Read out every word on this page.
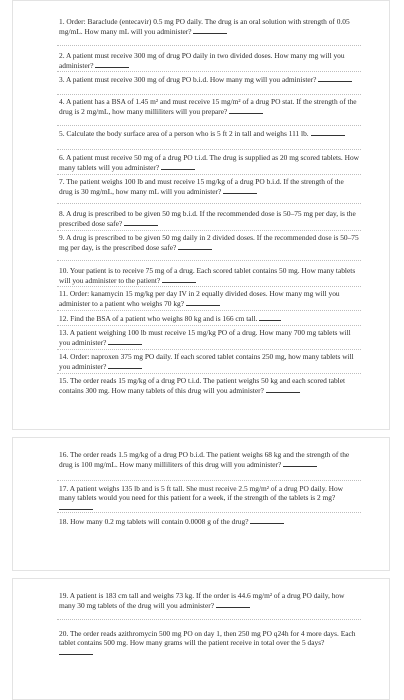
1. Order: Baraclude (entecavir) 0.5 mg PO daily. The drug is an oral solution with strength of 0.05 mg/mL. How many mL will you administer?

2. A patient must receive 300 mg of drug PO daily in two divided doses. How many mg will you administer?

3. A patient must receive 300 mg of drug PO b.i.d. How many mg will you administer?

4. A patient has a BSA of 1.45 m² and must receive 15 mg/m² of a drug PO stat. If the strength of the drug is 2 mg/mL, how many milliliters will you prepare?

5. Calculate the body surface area of a person who is 5 ft 2 in tall and weighs 111 lb.

6. A patient must receive 50 mg of a drug PO t.i.d. The drug is supplied as 20 mg scored tablets. How many tablets will you administer?

7. The patient weighs 100 lb and must receive 15 mg/kg of a drug PO b.i.d. If the strength of the drug is 30 mg/mL, how many mL will you administer?

8. A drug is prescribed to be given 50 mg b.i.d. If the recommended dose is 50–75 mg per day, is the prescribed dose safe?

9. A drug is prescribed to be given 50 mg daily in 2 divided doses. If the recommended dose is 50–75 mg per day, is the prescribed dose safe?

10. Your patient is to receive 75 mg of a drug. Each scored tablet contains 50 mg. How many tablets will you administer to the patient?

11. Order: kanamycin 15 mg/kg per day IV in 2 equally divided doses. How many mg will you administer to a patient who weighs 70 kg?

12. Find the BSA of a patient who weighs 80 kg and is 166 cm tall.

13. A patient weighing 100 lb must receive 15 mg/kg PO of a drug. How many 700 mg tablets will you administer?

14. Order: naproxen 375 mg PO daily. If each scored tablet contains 250 mg, how many tablets will you administer?

15. The order reads 15 mg/kg of a drug PO t.i.d. The patient weighs 50 kg and each scored tablet contains 300 mg. How many tablets of this drug will you administer?

16. The order reads 1.5 mg/kg of a drug PO b.i.d. The patient weighs 68 kg and the strength of the drug is 100 mg/mL. How many milliliters of this drug will you administer?

17. A patient weighs 135 lb and is 5 ft tall. She must receive 2.5 mg/m² of a drug PO daily. How many tablets would you need for this patient for a week, if the strength of the tablets is 2 mg?

18. How many 0.2 mg tablets will contain 0.0008 g of the drug?

19. A patient is 183 cm tall and weighs 73 kg. If the order is 44.6 mg/m² of a drug PO daily, how many 30 mg tablets of the drug will you administer?

20. The order reads azithromycin 500 mg PO on day 1, then 250 mg PO q24h for 4 more days. Each tablet contains 500 mg. How many grams will the patient receive in total over the 5 days?
